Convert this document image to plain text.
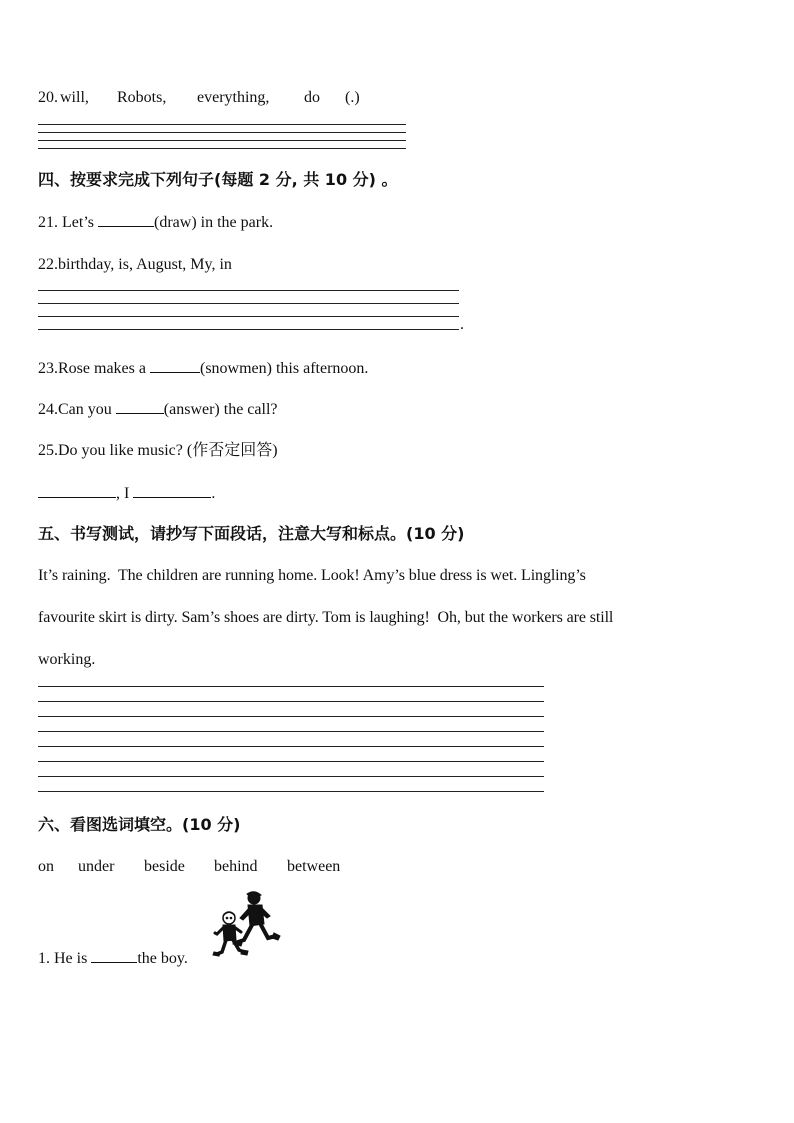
20.

will,

Robots,

everything,

do

(.)

四、按要求完成下列句子(每题 2 分, 共 10 分) 。
21. Let’s	(draw) in the park.
22.birthday, is, August, My, in
.
23.Rose makes a	(snowmen) this afternoon.
24.Can you	(answer) the call?
25.Do you like music? (作否定回答)
, I	.
五、书写测试，请抄写下面段话，注意大写和标点。(10 分)
It’s raining.  The children are running home. Look! Amy’s blue dress is wet. Lingling’s
favourite skirt is dirty. Sam’s shoes are dirty. Tom is laughing!  Oh, but the workers are still
working.
六、看图选词填空。(10 分)

on

under

beside

behind

between

1. He is	the boy.
